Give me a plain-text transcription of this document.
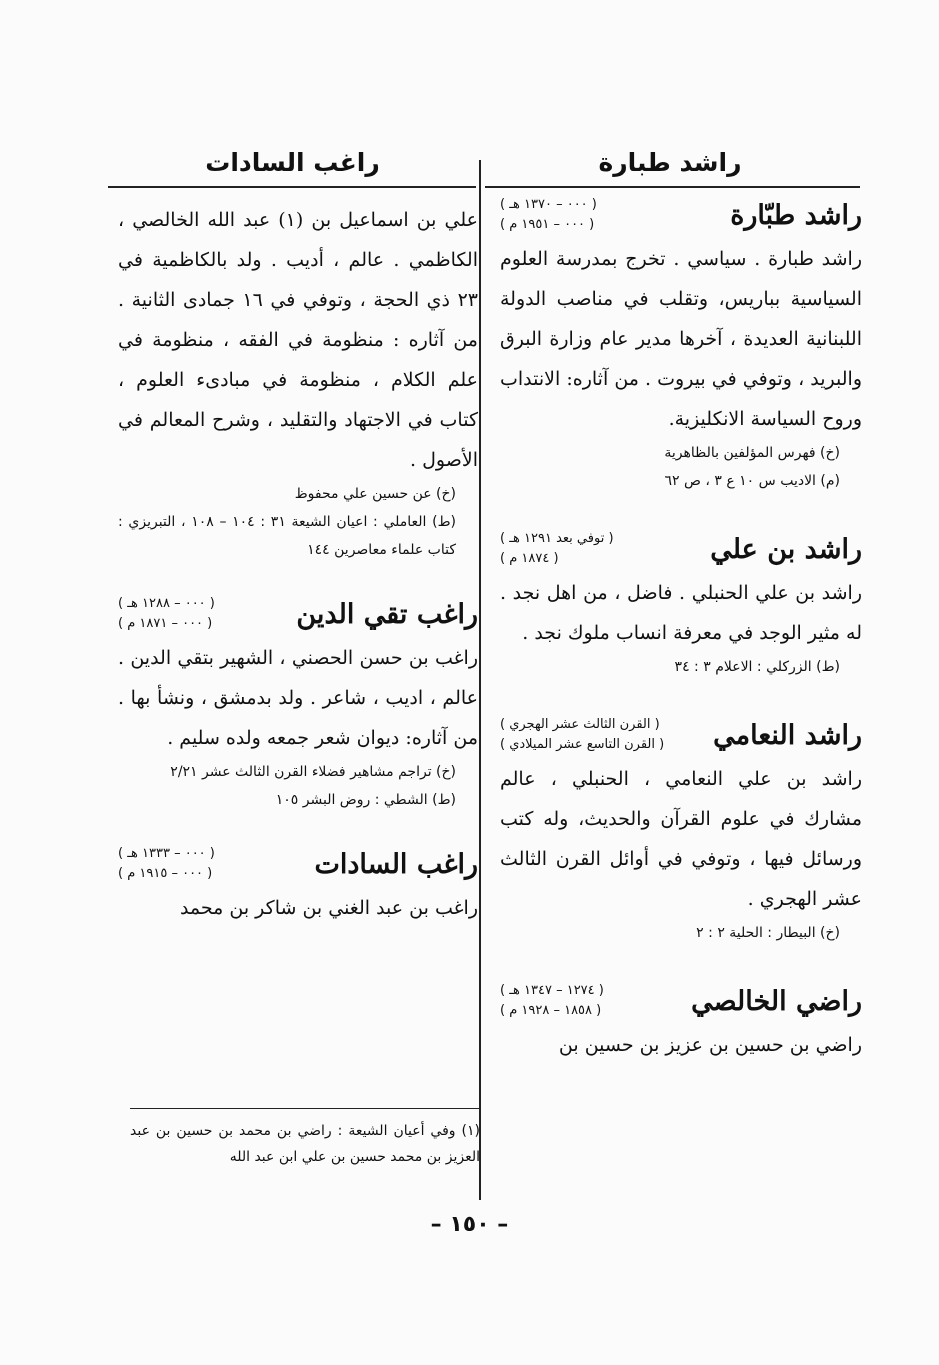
راشد طبارة
راغب السادات
راشد طبّارة
( ٠٠٠ – ١٣٧٠ هـ )
( ٠٠٠ – ١٩٥١ م )
راشد طبارة . سياسي . تخرج بمدرسة العلوم السياسية بباريس، وتقلب في مناصب الدولة اللبنانية العديدة ، آخرها مدير عام وزارة البرق والبريد ، وتوفي في بيروت . من آثاره: الانتداب وروح السياسة الانكليزية.
(خ) فهرس المؤلفين بالظاهرية
(م) الاديب س ١٠ ع ٣ ، ص ٦٢
راشد بن علي
( توفي بعد ١٢٩١ هـ )
( ١٨٧٤ م )
راشد بن علي الحنبلي . فاضل ، من اهل نجد . له مثير الوجد في معرفة انساب ملوك نجد .
(ط) الزركلي : الاعلام ٣ : ٣٤
راشد النعامي
( القرن الثالث عشر الهجري )
( القرن التاسع عشر الميلادي )
راشد بن علي النعامي ، الحنبلي ، عالم مشارك في علوم القرآن والحديث، وله كتب ورسائل فيها ، وتوفي في أوائل القرن الثالث عشر الهجري .
(خ) البيطار : الحلية ٢ : ٢
راضي الخالصي
( ١٢٧٤ – ١٣٤٧ هـ )
( ١٨٥٨ – ١٩٢٨ م )
راضي بن حسين بن عزيز بن حسين بن
علي بن اسماعيل بن (١) عبد الله الخالصي ، الكاظمي . عالم ، أديب . ولد بالكاظمية في ٢٣ ذي الحجة ، وتوفي في ١٦ جمادى الثانية . من آثاره : منظومة في الفقه ، منظومة في علم الكلام ، منظومة في مبادىء العلوم ، كتاب في الاجتهاد والتقليد ، وشرح المعالم في الأصول .
(خ) عن حسين علي محفوظ
(ط) العاملي : اعيان الشيعة ٣١ : ١٠٤ – ١٠٨ ، التبريزي : كتاب علماء معاصرين ١٤٤
راغب تقي الدين
( ٠٠٠ – ١٢٨٨ هـ )
( ٠٠٠ – ١٨٧١ م )
راغب بن حسن الحصني ، الشهير بتقي الدين . عالم ، اديب ، شاعر . ولد بدمشق ، ونشأ بها . من آثاره: ديوان شعر جمعه ولده سليم .
(خ) تراجم مشاهير فضلاء القرن الثالث عشر ٢/٢١
(ط) الشطي : روض البشر ١٠٥
راغب السادات
( ٠٠٠ – ١٣٣٣ هـ )
( ٠٠٠ – ١٩١٥ م )
راغب بن عبد الغني بن شاكر بن محمد
(١) وفي أعيان الشيعة : راضي بن محمد بن حسين بن عبد العزيز بن محمد حسين بن علي ابن عبد الله
– ١٥٠ –
